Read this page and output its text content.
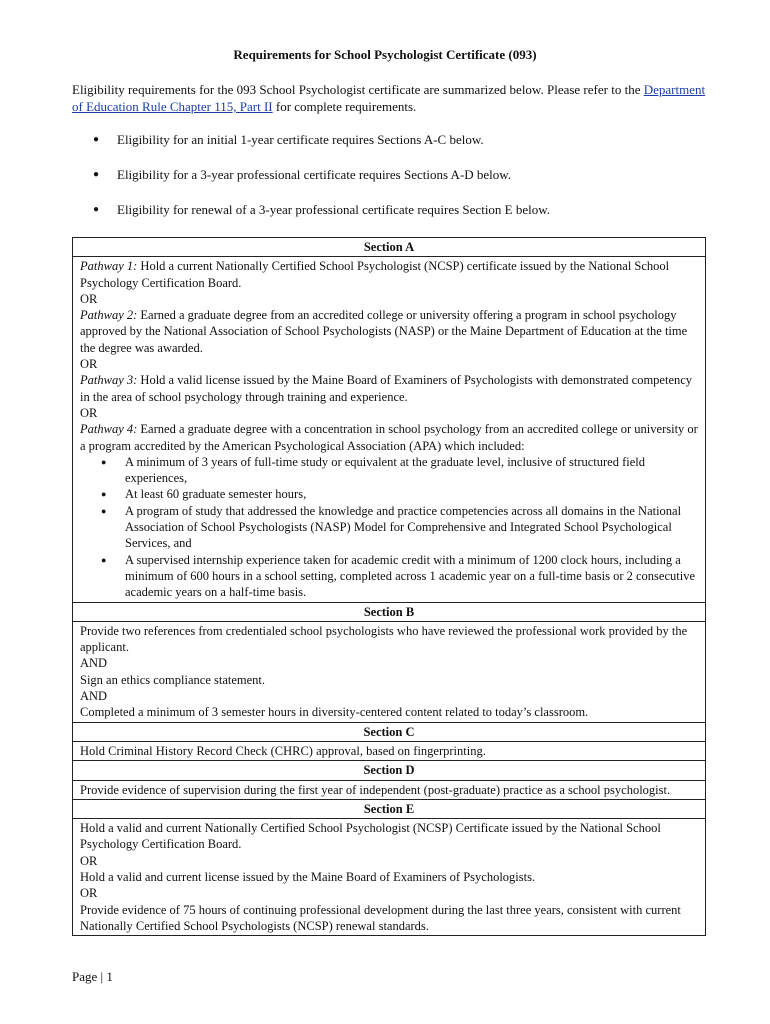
Requirements for School Psychologist Certificate (093)
Eligibility requirements for the 093 School Psychologist certificate are summarized below. Please refer to the Department of Education Rule Chapter 115, Part II for complete requirements.
● Eligibility for an initial 1-year certificate requires Sections A-C below.
● Eligibility for a 3-year professional certificate requires Sections A-D below.
● Eligibility for renewal of a 3-year professional certificate requires Section E below.
Section A

Pathway 1: Hold a current Nationally Certified School Psychologist (NCSP) certificate issued by the National School Psychology Certification Board.
OR
Pathway 2: Earned a graduate degree from an accredited college or university offering a program in school psychology approved by the National Association of School Psychologists (NASP) or the Maine Department of Education at the time the degree was awarded.
OR
Pathway 3: Hold a valid license issued by the Maine Board of Examiners of Psychologists with demonstrated competency in the area of school psychology through training and experience.
OR
Pathway 4: Earned a graduate degree with a concentration in school psychology from an accredited college or university or a program accredited by the American Psychological Association (APA) which included:
● A minimum of 3 years of full-time study or equivalent at the graduate level, inclusive of structured field experiences,
● At least 60 graduate semester hours,
● A program of study that addressed the knowledge and practice competencies across all domains in the National Association of School Psychologists (NASP) Model for Comprehensive and Integrated School Psychological Services, and
● A supervised internship experience taken for academic credit with a minimum of 1200 clock hours, including a minimum of 600 hours in a school setting, completed across 1 academic year on a full-time basis or 2 consecutive academic years on a half-time basis.

Section B

Provide two references from credentialed school psychologists who have reviewed the professional work provided by the applicant.
AND
Sign an ethics compliance statement.
AND
Completed a minimum of 3 semester hours in diversity-centered content related to today’s classroom.

Section C
Hold Criminal History Record Check (CHRC) approval, based on fingerprinting.
Section D
Provide evidence of supervision during the first year of independent (post-graduate) practice as a school psychologist.
Section E

Hold a valid and current Nationally Certified School Psychologist (NCSP) Certificate issued by the National School Psychology Certification Board.
OR
Hold a valid and current license issued by the Maine Board of Examiners of Psychologists.
OR
Provide evidence of 75 hours of continuing professional development during the last three years, consistent with current Nationally Certified School Psychologists (NCSP) renewal standards.
Page | 1
